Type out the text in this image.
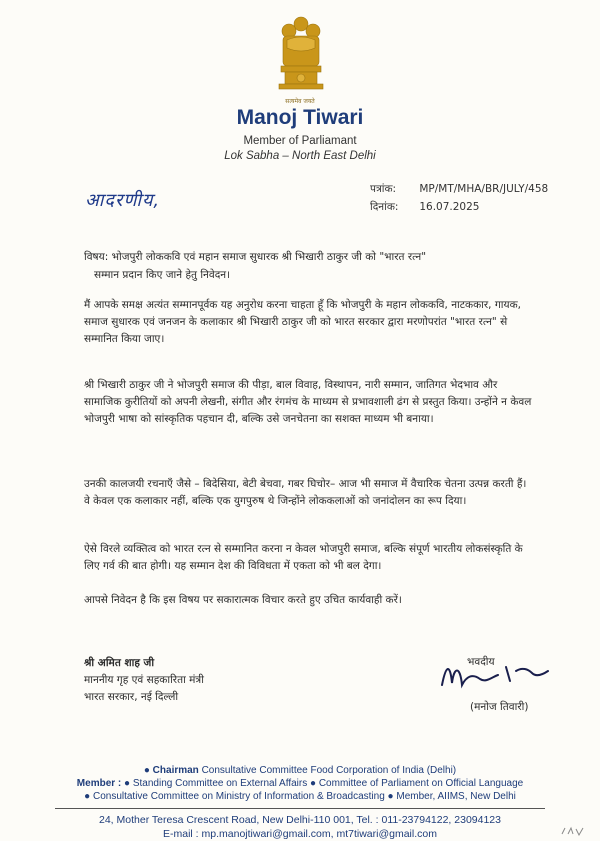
सत्यमेव जयते
Manoj Tiwari
Member of Parliamant
Lok Sabha – North East Delhi
आदरणीय,
पत्रांक: MP/MT/MHA/BR/JULY/458
दिनांक: 16.07.2025
विषय: भोजपुरी लोककवि एवं महान समाज सुधारक श्री भिखारी ठाकुर जी को "भारत रत्न"
सम्मान प्रदान किए जाने हेतु निवेदन।

मैं आपके समक्ष अत्यंत सम्मानपूर्वक यह अनुरोध करना चाहता हूँ कि भोजपुरी के महान लोककवि, नाटककार, गायक, समाज सुधारक एवं जनजन के कलाकार श्री भिखारी ठाकुर जी को भारत सरकार द्वारा मरणोपरांत "भारत रत्न" से सम्मानित किया जाए।

श्री भिखारी ठाकुर जी ने भोजपुरी समाज की पीड़ा, बाल विवाह, विस्थापन, नारी सम्मान, जातिगत भेदभाव और सामाजिक कुरीतियों को अपनी लेखनी, संगीत और रंगमंच के माध्यम से प्रभावशाली ढंग से प्रस्तुत किया। उन्होंने न केवल भोजपुरी भाषा को सांस्कृतिक पहचान दी, बल्कि उसे जनचेतना का सशक्त माध्यम भी बनाया।

उनकी कालजयी रचनाएँ जैसे – बिदेसिया, बेटी बेचवा, गबर घिचोर– आज भी समाज में वैचारिक चेतना उत्पन्न करती हैं। वे केवल एक कलाकार नहीं, बल्कि एक युगपुरुष थे जिन्होंने लोककलाओं को जनांदोलन का रूप दिया।

ऐसे विरले व्यक्तित्व को भारत रत्न से सम्मानित करना न केवल भोजपुरी समाज, बल्कि संपूर्ण भारतीय लोकसंस्कृति के लिए गर्व की बात होगी। यह सम्मान देश की विविधता में एकता को भी बल देगा।

आपसे निवेदन है कि इस विषय पर सकारात्मक विचार करते हुए उचित कार्यवाही करें।

श्री अमित शाह जी
माननीय गृह एवं सहकारिता मंत्री
भारत सरकार, नई दिल्ली
भवदीय
(मनोज तिवारी)
● Chairman Consultative Committee Food Corporation of India (Delhi)
Member : ● Standing Committee on External Affairs ● Committee of Parliament on Official Language
● Consultative Committee on Ministry of Information & Broadcasting ● Member, AIIMS, New Delhi
24, Mother Teresa Crescent Road, New Delhi-110 001, Tel. : 011-23794122, 23094123
E-mail : mp.manojtiwari@gmail.com, mt7tiwari@gmail.com
